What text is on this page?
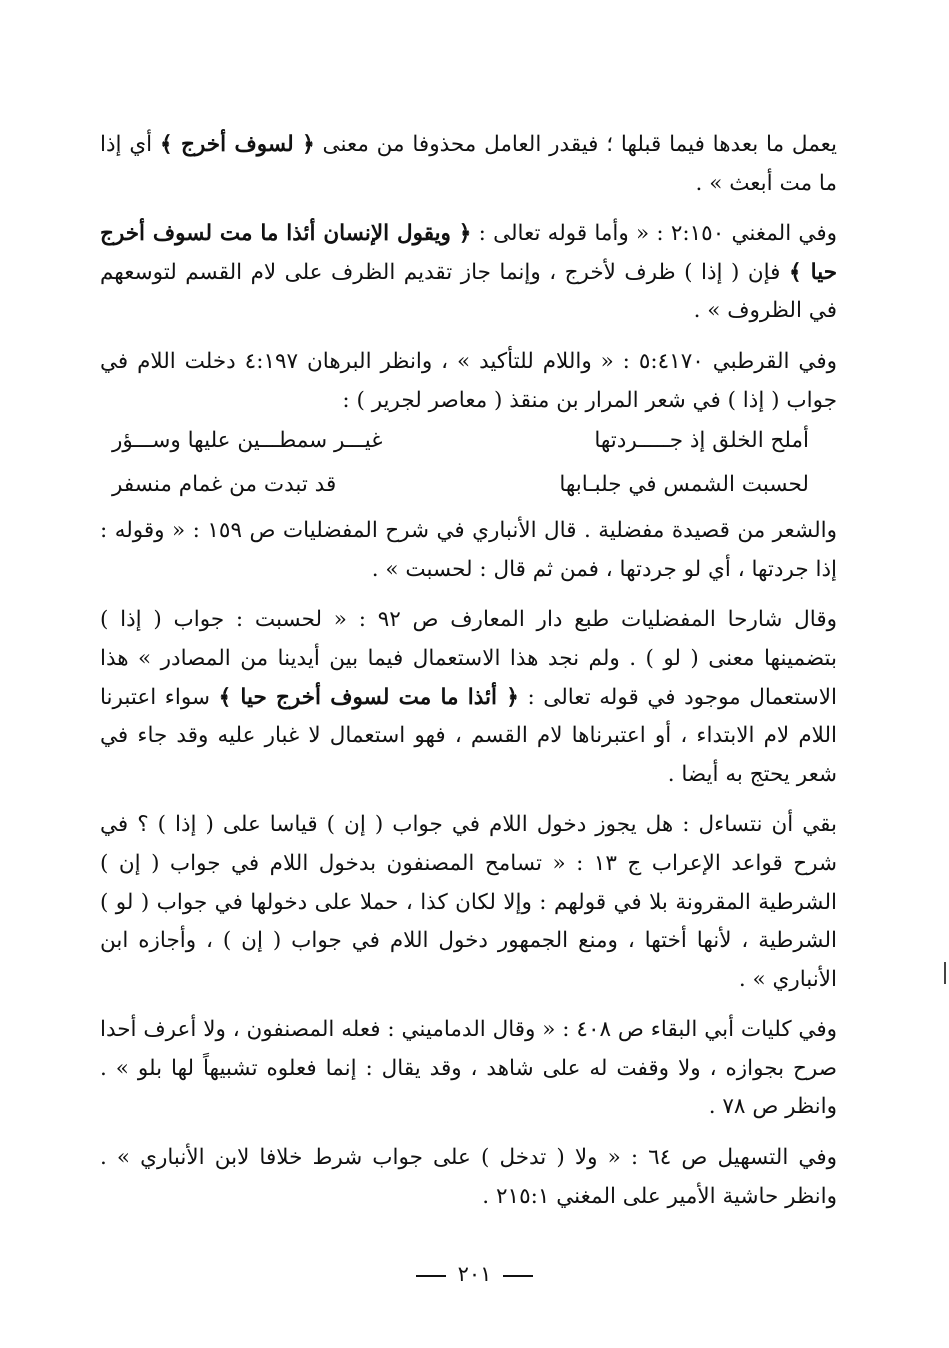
يعمل ما بعدها فيما قبلها ؛ فيقدر العامل محذوفا من معنى ﴿ لسوف أخرج ﴾ أي إذا ما مت أبعث » .

وفي المغني ٢:١٥٠ : « وأما قوله تعالى : ﴿ ويقول الإنسان أئذا ما مت لسوف أخرج حيا ﴾ فإن ( إذا ) ظرف لأخرج ، وإنما جاز تقديم الظرف على لام القسم لتوسعهم في الظروف » .

وفي القرطبي ٥:٤١٧٠ : « واللام للتأكيد » ، وانظر البرهان ٤:١٩٧ دخلت اللام في جواب ( إذا ) في شعر المرار بن منقذ ( معاصر لجرير ) :

أملح الخلق إذ جـــــردتها
غيـــر سمطـــين عليها وســـؤر
لحسبت الشمس في جلبـابها
قد تبدت من غمام منسفر

والشعر من قصيدة مفضلية . قال الأنباري في شرح المفضليات ص ١٥٩ : « وقوله : إذا جردتها ، أي لو جردتها ، فمن ثم قال : لحسبت » .

وقال شارحا المفضليات طبع دار المعارف ص ٩٢ : « لحسبت : جواب ( إذا ) بتضمينها معنى ( لو ) . ولم نجد هذا الاستعمال فيما بين أيدينا من المصادر » هذا الاستعمال موجود في قوله تعالى : ﴿ أئذا ما مت لسوف أخرج حيا ﴾ سواء اعتبرنا اللام لام الابتداء ، أو اعتبرناها لام القسم ، فهو استعمال لا غبار عليه وقد جاء في شعر يحتج به أيضا .

بقي أن نتساءل : هل يجوز دخول اللام في جواب ( إن ) قياسا على ( إذا ) ؟ في شرح قواعد الإعراب ج ١٣ : « تسامح المصنفون بدخول اللام في جواب ( إن ) الشرطية المقرونة بلا في قولهم : وإلا لكان كذا ، حملا على دخولها في جواب ( لو ) الشرطية ، لأنها أختها ، ومنع الجمهور دخول اللام في جواب ( إن ) ، وأجازه ابن الأنباري » .

وفي كليات أبي البقاء ص ٤٠٨ : « وقال الدماميني : فعله المصنفون ، ولا أعرف أحدا صرح بجوازه ، ولا وقفت له على شاهد ، وقد يقال : إنما فعلوه تشبيهاً لها بلو » . وانظر ص ٧٨ .

وفي التسهيل ص ٦٤ : « ولا ( تدخل ) على جواب شرط خلافا لابن الأنباري » . وانظر حاشية الأمير على المغني ٢١٥:١ .

٢٠١
